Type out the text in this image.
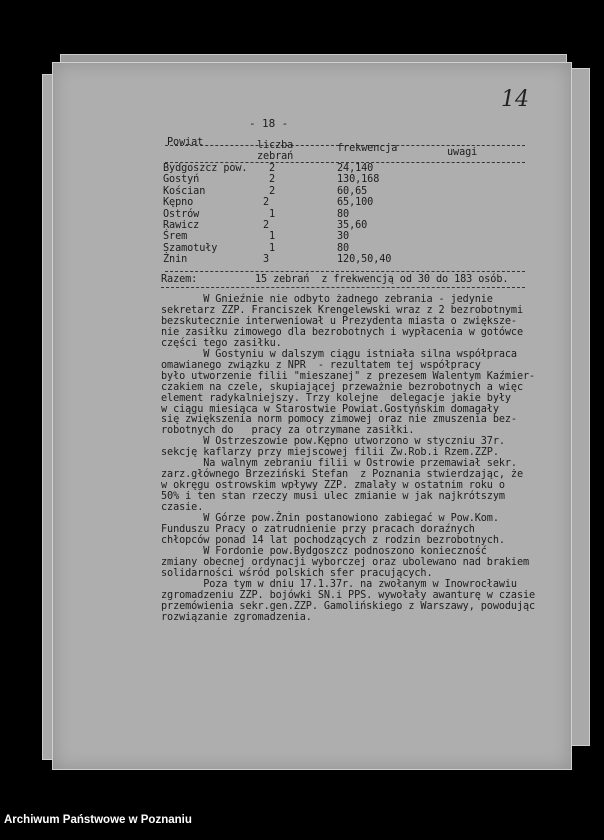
14
- 18 -
Powiat	liczba
zebrań
frekwencja	uwagi
Bydgoszcz pow. 2	24,140
Gostyń	2	130,168
Kościan	2	60,65
Kępno	2	65,100
Ostrów	1	80
Rawicz	2	35,60
Śrem	1	30
Szamotuły	1	80
Żnin	3	120,50,40
Razem:	15 zebrań  z frekwencją od 30 do 183 osób.
W Gnieźnie nie odbyto żadnego zebrania - jedynie
sekretarz ZZP. Franciszek Krengelewski wraz z 2 bezrobotnymi
bezskutecznie interweniował u Prezydenta miasta o zwiększe-
nie zasiłku zimowego dla bezrobotnych i wypłacenia w gotówce
części tego zasiłku.
W Gostyniu w dalszym ciągu istniała silna współpraca
omawianego związku z NPR  - rezultatem tej współpracy
było utworzenie filii "mieszanej" z prezesem Walentym Kaźmier-
czakiem na czele, skupiającej przeważnie bezrobotnych a więc
element radykalniejszy. Trzy kolejne  delegacje jakie były
w ciągu miesiąca w Starostwie Powiat.Gostyńskim domagały
się zwiększenia norm pomocy zimowej oraz nie zmuszenia bez-
robotnych do   pracy za otrzymane zasiłki.
W Ostrzeszowie pow.Kępno utworzono w styczniu 37r.
sekcję kaflarzy przy miejscowej filii Zw.Rob.i Rzem.ZZP.
Na walnym zebraniu filii w Ostrowie przemawiał sekr.
zarz.głównego Brzeziński Stefan  z Poznania stwierdzając, że
w okręgu ostrowskim wpływy ZZP. zmalały w ostatnim roku o
50% i ten stan rzeczy musi ulec zmianie w jak najkrótszym
czasie.
W Górze pow.Żnin postanowiono zabiegać w Pow.Kom.
Funduszu Pracy o zatrudnienie przy pracach doraźnych
chłopców ponad 14 lat pochodzących z rodzin bezrobotnych.
W Fordonie pow.Bydgoszcz podnoszono konieczność
zmiany obecnej ordynacji wyborczej oraz ubolewano nad brakiem
solidarności wśród polskich sfer pracujących.
Poza tym w dniu 17.1.37r. na zwołanym w Inowrocławiu
zgromadzeniu ZZP. bojówki SN.i PPS. wywołały awanturę w czasie
przemówienia sekr.gen.ZZP. Gamolińskiego z Warszawy, powodując
rozwiązanie zgromadzenia.
Archiwum Państwowe w Poznaniu
